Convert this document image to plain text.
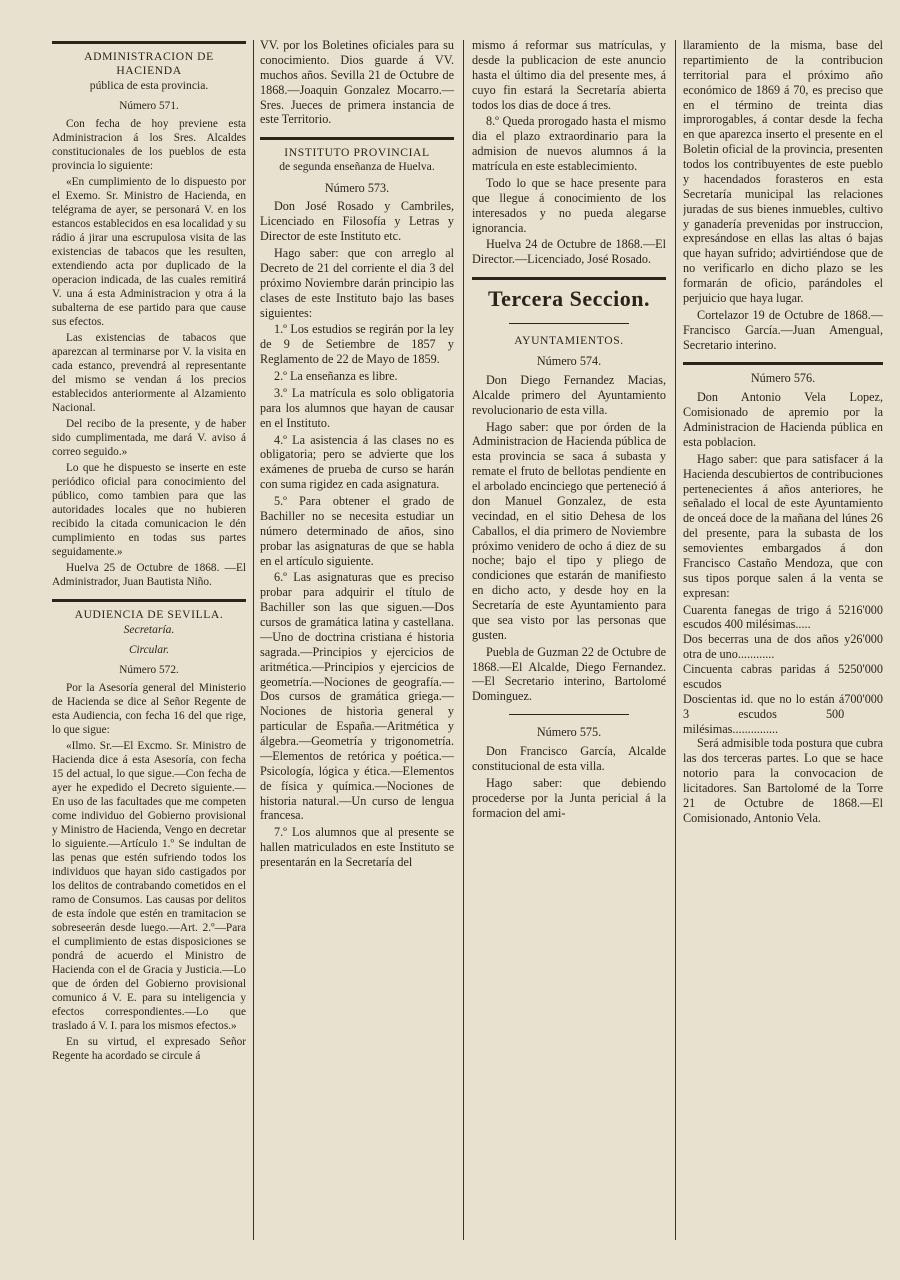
ADMINISTRACION DE HACIENDA
pública de esta provincia.
Número 571.

Con fecha de hoy previene esta Administracion á los Sres. Alcaldes constitucionales de los pueblos de esta provincia lo siguiente:

«En cumplimiento de lo dispuesto por el Exemo. Sr. Ministro de Hacienda, en telégrama de ayer, se personará V. en los estancos establecidos en esa localidad y su rádio á jirar una escrupulosa visita de las existencias de tabacos que les resulten, extendiendo acta por duplicado de la operacion indicada, de las cuales remitirá V. una á esta Administracion y otra á la subalterna de ese partido para que cause sus efectos.

Las existencias de tabacos que aparezcan al terminarse por V. la visita en cada estanco, prevendrá al representante del mismo se vendan á los precios establecidos anteriormente al Alzamiento Nacional.

Del recibo de la presente, y de haber sido cumplimentada, me dará V. aviso á correo seguido.»

Lo que he dispuesto se inserte en este periódico oficial para conocimiento del público, como tambien para que las autoridades locales que no hubieren recibido la citada comunicacion le dén cumplimiento en todas sus partes seguidamente.»

Huelva 25 de Octubre de 1868. —El Administrador, Juan Bautista Niño.

AUDIENCIA DE SEVILLA.
Secretaría.
Circular.
Número 572.

Por la Asesoría general del Ministerio de Hacienda se dice al Señor Regente de esta Audiencia, con fecha 16 del que rige, lo que sigue:

«Ilmo. Sr.—El Excmo. Sr. Ministro de Hacienda dice á esta Asesoría, con fecha 15 del actual, lo que sigue.—Con fecha de ayer he expedido el Decreto siguiente.—En uso de las facultades que me competen come individuo del Gobierno provisional y Ministro de Hacienda, Vengo en decretar lo siguiente.—Artículo 1.º Se indultan de las penas que estén sufriendo todos los individuos que hayan sido castigados por los delitos de contrabando cometidos en el ramo de Consumos. Las causas por delitos de esta índole que estén en tramitacion se sobreseerán desde luego.—Art. 2.º—Para el cumplimiento de estas disposiciones se pondrá de acuerdo el Ministro de Hacienda con el de Gracia y Justicia.—Lo que de órden del Gobierno provisional comunico á V. E. para su inteligencia y efectos correspondientes.—Lo que traslado á V. I. para los mismos efectos.»

En su virtud, el expresado Señor Regente ha acordado se circule á

VV. por los Boletines oficiales para su conocimiento. Dios guarde á VV. muchos años. Sevilla 21 de Octubre de 1868.—Joaquin Gonzalez Mocarro.—Sres. Jueces de primera instancia de este Territorio.

INSTITUTO PROVINCIAL
de segunda enseñanza de Huelva.
Número 573.

Don José Rosado y Cambriles, Licenciado en Filosofía y Letras y Director de este Instituto etc.

Hago saber: que con arreglo al Decreto de 21 del corriente el dia 3 del próximo Noviembre darán principio las clases de este Instituto bajo las bases siguientes:

1.º Los estudios se regirán por la ley de 9 de Setiembre de 1857 y Reglamento de 22 de Mayo de 1859.

2.º La enseñanza es libre.

3.º La matrícula es solo obligatoria para los alumnos que hayan de causar en el Instituto.

4.º La asistencia á las clases no es obligatoria; pero se advierte que los exámenes de prueba de curso se harán con suma rigidez en cada asignatura.

5.º Para obtener el grado de Bachiller no se necesita estudiar un número determinado de años, sino probar las asignaturas de que se habla en el artículo siguiente.

6.º Las asignaturas que es preciso probar para adquirir el título de Bachiller son las que siguen.—Dos cursos de gramática latina y castellana.—Uno de doctrina cristiana é historia sagrada.—Principios y ejercicios de aritmética.—Principios y ejercicios de geometría.—Nociones de geografía.—Dos cursos de gramática griega.—Nociones de historia general y particular de España.—Aritmética y álgebra.—Geometría y trigonometría.—Elementos de retórica y poética.—Psicología, lógica y ética.—Elementos de física y química.—Nociones de historia natural.—Un curso de lengua francesa.

7.º Los alumnos que al presente se hallen matriculados en este Instituto se presentarán en la Secretaría del

mismo á reformar sus matrículas, y desde la publicacion de este anuncio hasta el último dia del presente mes, á cuyo fin estará la Secretaría abierta todos los dias de doce á tres.

8.º Queda prorogado hasta el mismo dia el plazo extraordinario para la admision de nuevos alumnos á la matrícula en este establecimiento.

Todo lo que se hace presente para que llegue á conocimiento de los interesados y no pueda alegarse ignorancia.

Huelva 24 de Octubre de 1868.—El Director.—Licenciado, José Rosado.

Tercera Seccion.
AYUNTAMIENTOS.
Número 574.

Don Diego Fernandez Macias, Alcalde primero del Ayuntamiento revolucionario de esta villa.

Hago saber: que por órden de la Administracion de Hacienda pública de esta provincia se saca á subasta y remate el fruto de bellotas pendiente en el arbolado encinciego que perteneció á don Manuel Gonzalez, de esta vecindad, en el sitio Dehesa de los Caballos, el dia primero de Noviembre próximo venidero de ocho á diez de su noche; bajo el tipo y pliego de condiciones que estarán de manifiesto en dicho acto, y desde hoy en la Secretaría de este Ayuntamiento para que sea visto por las personas que gusten.

Puebla de Guzman 22 de Octubre de 1868.—El Alcalde, Diego Fernandez.—El Secretario interino, Bartolomé Dominguez.

Número 575.

Don Francisco García, Alcalde constitucional de esta villa.

Hago saber: que debiendo procederse por la Junta pericial á la formacion del ami-

llaramiento de la misma, base del repartimiento de la contribucion territorial para el próximo año económico de 1869 á 70, es preciso que en el término de treinta dias improrogables, á contar desde la fecha en que aparezca inserto el presente en el Boletin oficial de la provincia, presenten todos los contribuyentes de este pueblo y hacendados forasteros en esta Secretaría municipal las relaciones juradas de sus bienes inmuebles, cultivo y ganadería prevenidas por instruccion, expresándose en ellas las altas ó bajas que hayan sufrido; advirtiéndose que de no verificarlo en dicho plazo se les formarán de oficio, parándoles el perjuicio que haya lugar.

Cortelazor 19 de Octubre de 1868.—Francisco García.—Juan Amengual, Secretario interino.

Número 576.

Don Antonio Vela Lopez, Comisionado de apremio por la Administracion de Hacienda pública en esta poblacion.

Hago saber: que para satisfacer á la Hacienda descubiertos de contribuciones pertenecientes á años anteriores, he señalado el local de este Ayuntamiento de onceá doce de la mañana del lúnes 26 del presente, para la subasta de los semovientes embargados á don Francisco Castaño Mendoza, que con sus tipos porque salen á la venta se expresan:

Cuarenta fanegas de trigo á 5 escudos 400 milésimas.....
216'000
Dos becerras una de dos años y otra de uno............
26'000
Cincuenta cabras paridas á 5 escudos
250'000
Doscientas id. que no lo están á 3 escudos 500 milésimas...............
700'000

Será admisible toda postura que cubra las dos terceras partes. Lo que se hace notorio para la convocacion de licitadores. San Bartolomé de la Torre 21 de Octubre de 1868.—El Comisionado, Antonio Vela.
